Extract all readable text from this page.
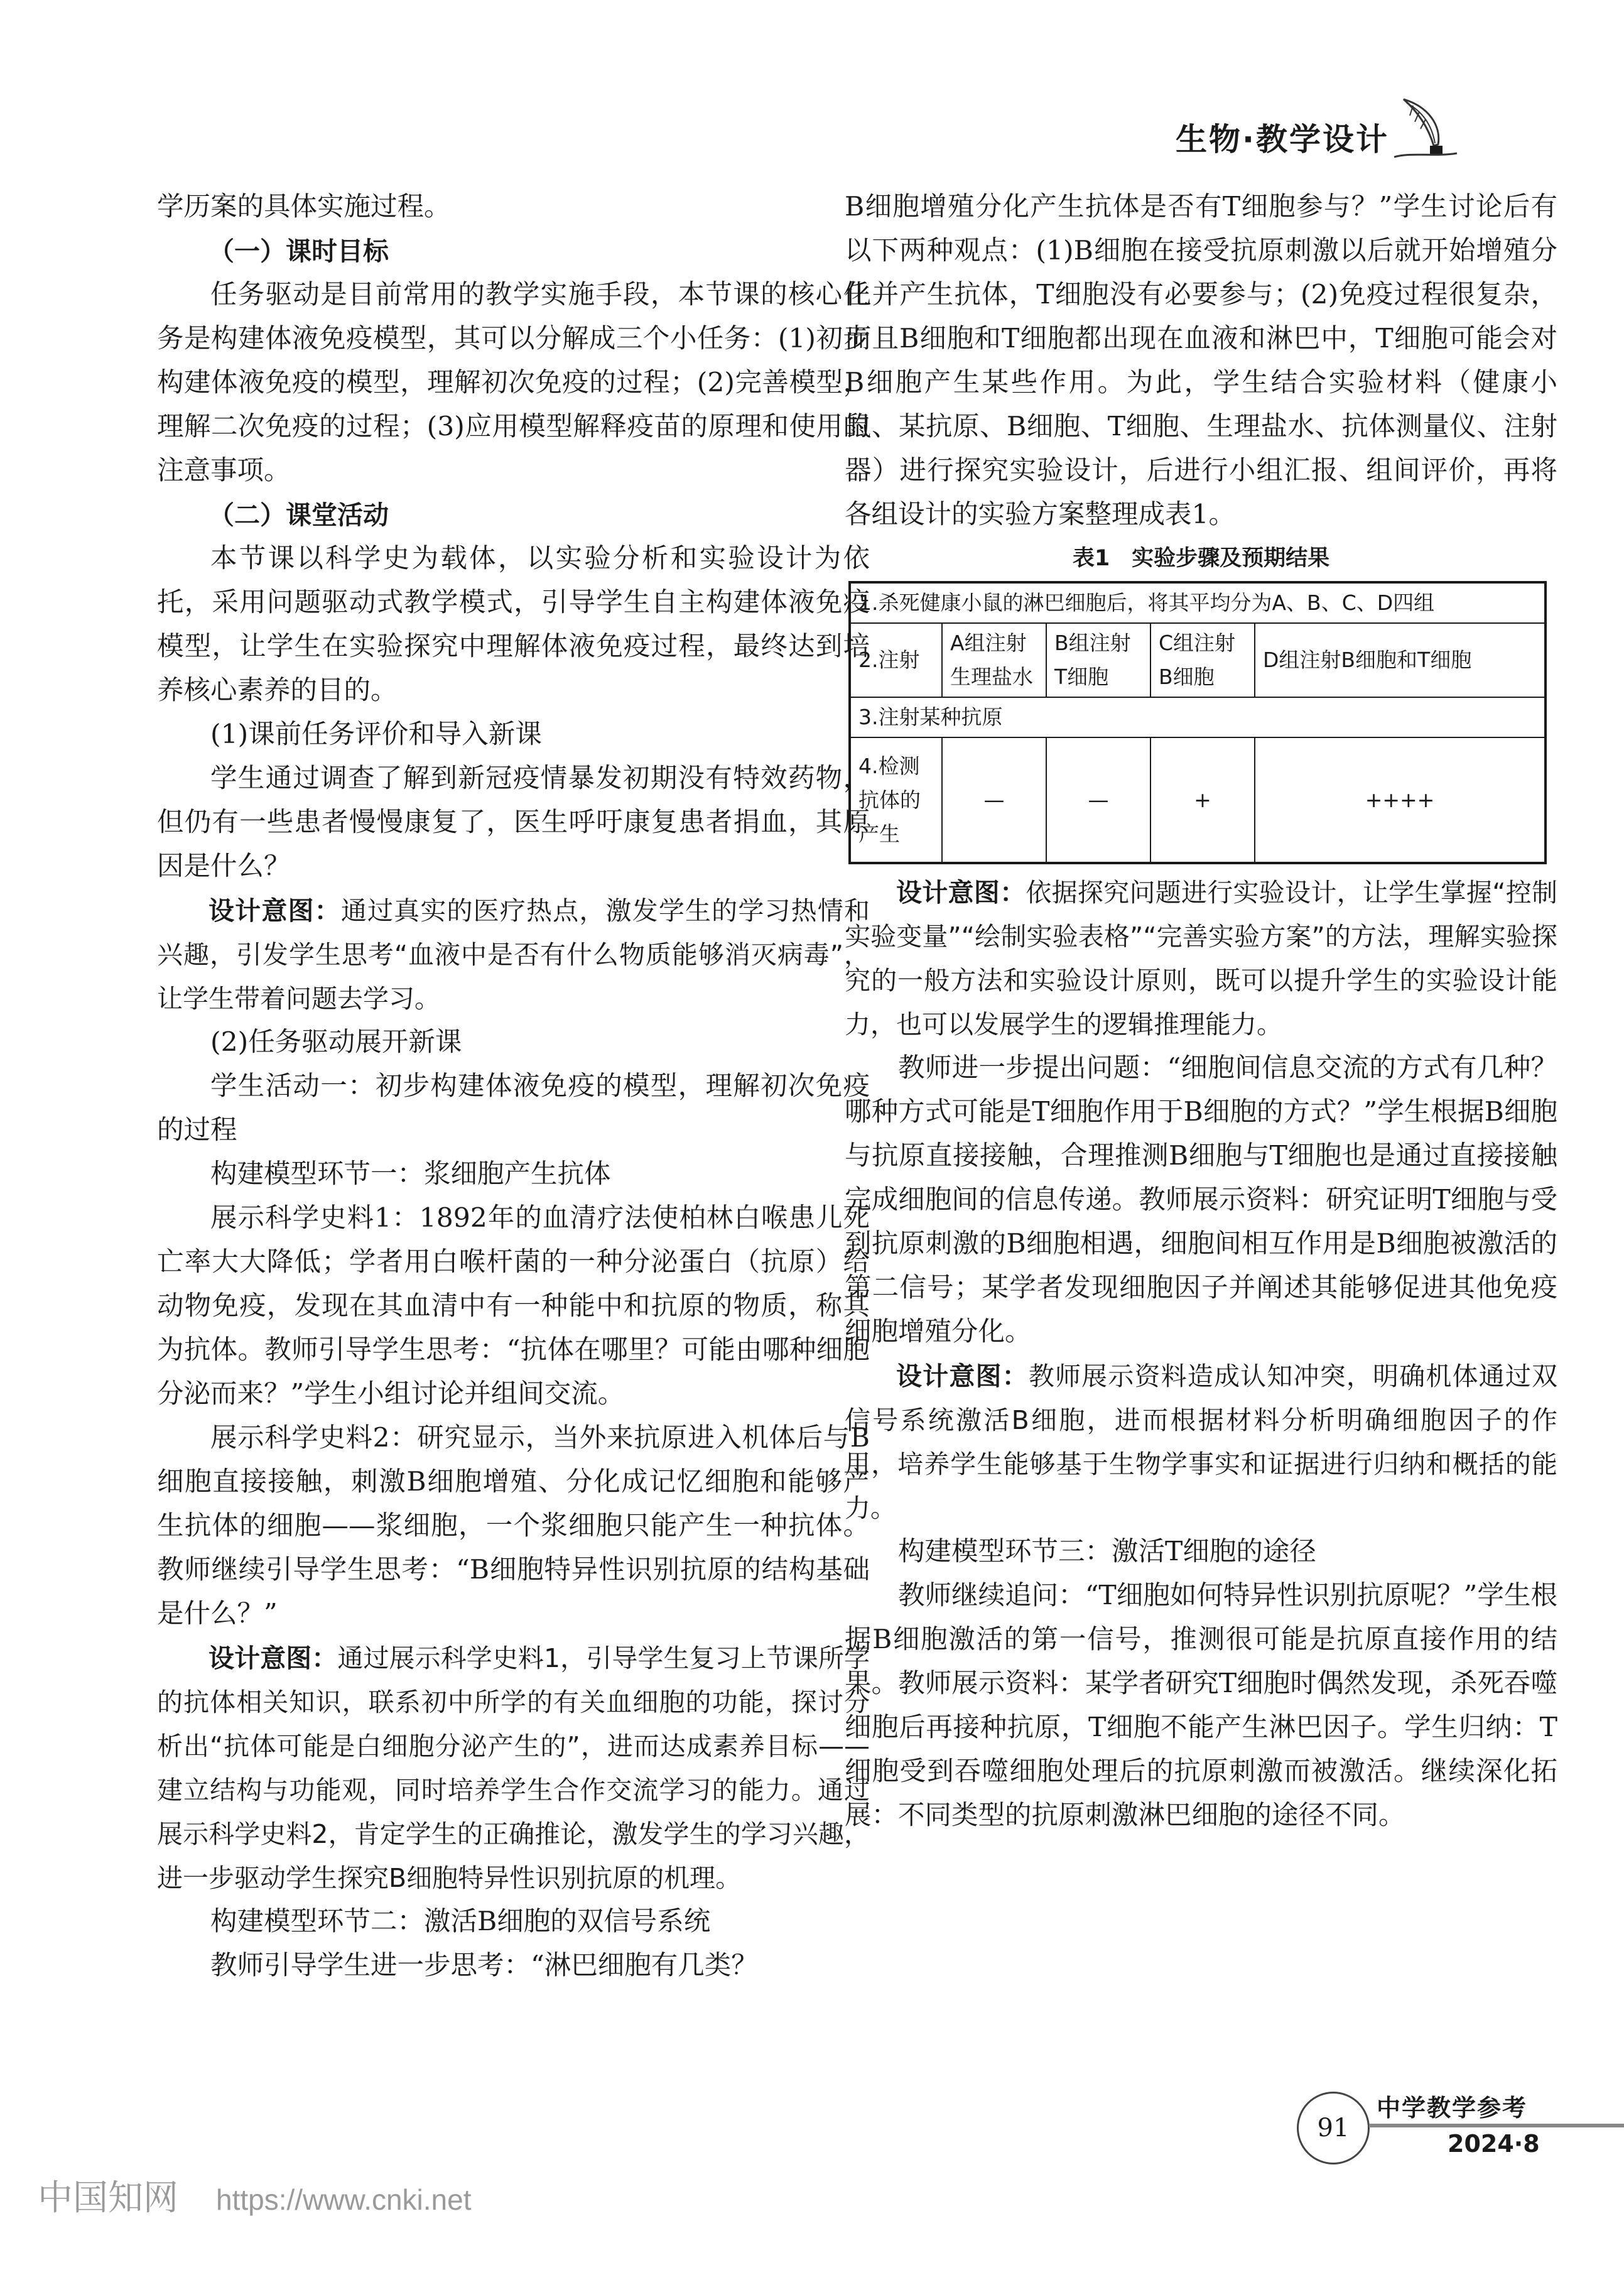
生物·教学设计

学历案的具体实施过程。

（一）课时目标

任务驱动是目前常用的教学实施手段，本节课的核心任务是构建体液免疫模型，其可以分解成三个小任务：(1)初步构建体液免疫的模型，理解初次免疫的过程；(2)完善模型，理解二次免疫的过程；(3)应用模型解释疫苗的原理和使用的注意事项。

（二）课堂活动

本节课以科学史为载体，以实验分析和实验设计为依托，采用问题驱动式教学模式，引导学生自主构建体液免疫模型，让学生在实验探究中理解体液免疫过程，最终达到培养核心素养的目的。

(1)课前任务评价和导入新课

学生通过调查了解到新冠疫情暴发初期没有特效药物，但仍有一些患者慢慢康复了，医生呼吁康复患者捐血，其原因是什么？

设计意图：通过真实的医疗热点，激发学生的学习热情和兴趣，引发学生思考“血液中是否有什么物质能够消灭病毒”，让学生带着问题去学习。

(2)任务驱动展开新课

学生活动一：初步构建体液免疫的模型，理解初次免疫的过程

构建模型环节一：浆细胞产生抗体

展示科学史料1：1892年的血清疗法使柏林白喉患儿死亡率大大降低；学者用白喉杆菌的一种分泌蛋白（抗原）给动物免疫，发现在其血清中有一种能中和抗原的物质，称其为抗体。教师引导学生思考：“抗体在哪里？可能由哪种细胞分泌而来？”学生小组讨论并组间交流。

展示科学史料2：研究显示，当外来抗原进入机体后与B细胞直接接触，刺激B细胞增殖、分化成记忆细胞和能够产生抗体的细胞——浆细胞，一个浆细胞只能产生一种抗体。教师继续引导学生思考：“B细胞特异性识别抗原的结构基础是什么？”

设计意图：通过展示科学史料1，引导学生复习上节课所学的抗体相关知识，联系初中所学的有关血细胞的功能，探讨分析出“抗体可能是白细胞分泌产生的”，进而达成素养目标——建立结构与功能观，同时培养学生合作交流学习的能力。通过展示科学史料2，肯定学生的正确推论，激发学生的学习兴趣，进一步驱动学生探究B细胞特异性识别抗原的机理。

构建模型环节二：激活B细胞的双信号系统

教师引导学生进一步思考：“淋巴细胞有几类？

B细胞增殖分化产生抗体是否有T细胞参与？”学生讨论后有以下两种观点：(1)B细胞在接受抗原刺激以后就开始增殖分化并产生抗体，T细胞没有必要参与；(2)免疫过程很复杂，而且B细胞和T细胞都出现在血液和淋巴中，T细胞可能会对B细胞产生某些作用。为此，学生结合实验材料（健康小鼠、某抗原、B细胞、T细胞、生理盐水、抗体测量仪、注射器）进行探究实验设计，后进行小组汇报、组间评价，再将各组设计的实验方案整理成表1。

表1　实验步骤及预期结果
1.杀死健康小鼠的淋巴细胞后，将其平均分为A、B、C、D四组				
2.注射	A组注射生理盐水	B组注射T细胞	C组注射B细胞	D组注射B细胞和T细胞
3.注射某种抗原				
4.检测抗体的产生	—	—	+	++++

设计意图：依据探究问题进行实验设计，让学生掌握“控制实验变量”“绘制实验表格”“完善实验方案”的方法，理解实验探究的一般方法和实验设计原则，既可以提升学生的实验设计能力，也可以发展学生的逻辑推理能力。

教师进一步提出问题：“细胞间信息交流的方式有几种？哪种方式可能是T细胞作用于B细胞的方式？”学生根据B细胞与抗原直接接触，合理推测B细胞与T细胞也是通过直接接触完成细胞间的信息传递。教师展示资料：研究证明T细胞与受到抗原刺激的B细胞相遇，细胞间相互作用是B细胞被激活的第二信号；某学者发现细胞因子并阐述其能够促进其他免疫细胞增殖分化。

设计意图：教师展示资料造成认知冲突，明确机体通过双信号系统激活B细胞，进而根据材料分析明确细胞因子的作用，培养学生能够基于生物学事实和证据进行归纳和概括的能力。

构建模型环节三：激活T细胞的途径

教师继续追问：“T细胞如何特异性识别抗原呢？”学生根据B细胞激活的第一信号，推测很可能是抗原直接作用的结果。教师展示资料：某学者研究T细胞时偶然发现，杀死吞噬细胞后再接种抗原，T细胞不能产生淋巴因子。学生归纳：T细胞受到吞噬细胞处理后的抗原刺激而被激活。继续深化拓展：不同类型的抗原刺激淋巴细胞的途径不同。

91
中学教学参考
2024·8
中国知网 https://www.cnki.net
